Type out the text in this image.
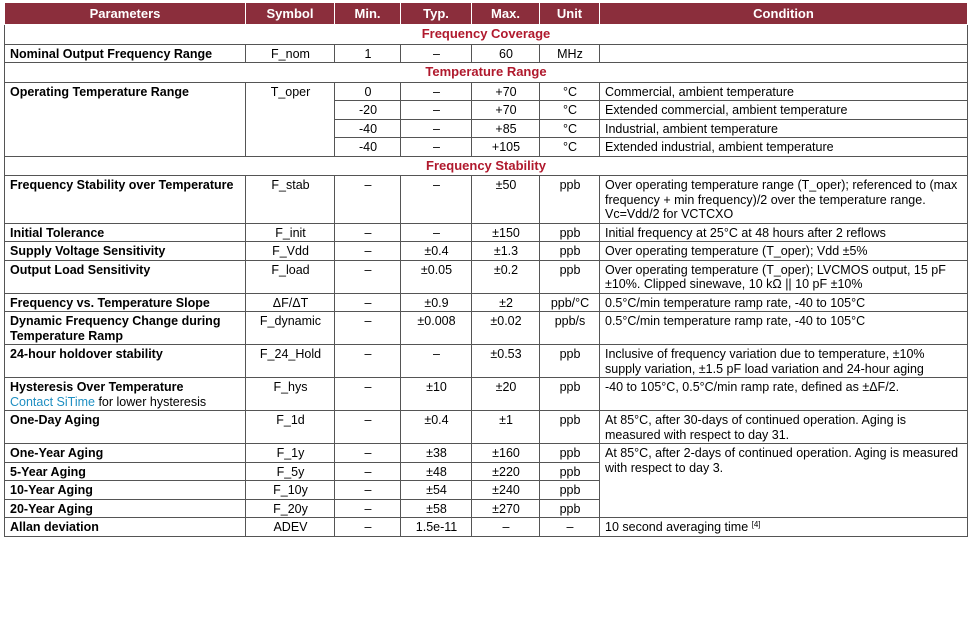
Parameters	Symbol	Min.	Typ.	Max.	Unit	Condition
Frequency Coverage						
Nominal Output Frequency Range	F_nom	1	–	60	MHz	
Temperature Range						
Operating Temperature Range	T_oper	0	–	+70	°C	Commercial, ambient temperature
		-20	–	+70	°C	Extended commercial, ambient temperature
		-40	–	+85	°C	Industrial, ambient temperature
		-40	–	+105	°C	Extended industrial, ambient temperature
Frequency Stability						
Frequency Stability over Temperature	F_stab	–	–	±50	ppb	Over operating temperature range (T_oper); referenced to (max frequency + min frequency)/2 over the temperature range. Vc=Vdd/2 for VCTCXO
Initial Tolerance	F_init	–	–	±150	ppb	Initial frequency at 25°C at 48 hours after 2 reflows
Supply Voltage Sensitivity	F_Vdd	–	±0.4	±1.3	ppb	Over operating temperature (T_oper); Vdd ±5%
Output Load Sensitivity	F_load	–	±0.05	±0.2	ppb	Over operating temperature (T_oper); LVCMOS output, 15 pF ±10%. Clipped sinewave, 10 kΩ || 10 pF ±10%
Frequency vs. Temperature Slope	ΔF/ΔT	–	±0.9	±2	ppb/°C	0.5°C/min temperature ramp rate, -40 to 105°C
Dynamic Frequency Change during Temperature Ramp	F_dynamic	–	±0.008	±0.02	ppb/s	0.5°C/min temperature ramp rate, -40 to 105°C
24-hour holdover stability	F_24_Hold	–	–	±0.53	ppb	Inclusive of frequency variation due to temperature, ±10% supply variation, ±1.5 pF load variation and 24-hour aging
Hysteresis Over Temperature
Contact SiTime for lower hysteresis	F_hys	–	±10	±20	ppb	-40 to 105°C, 0.5°C/min ramp rate, defined as ±ΔF/2.
One-Day Aging	F_1d	–	±0.4	±1	ppb	At 85°C, after 30-days of continued operation. Aging is measured with respect to day 31.
One-Year Aging	F_1y	–	±38	±160	ppb	At 85°C, after 2-days of continued operation. Aging is measured with respect to day 3.
5-Year Aging	F_5y	–	±48	±220	ppb	
10-Year Aging	F_10y	–	±54	±240	ppb	
20-Year Aging	F_20y	–	±58	±270	ppb	
Allan deviation	ADEV	–	1.5e-11	–	–	10 second averaging time [4]
